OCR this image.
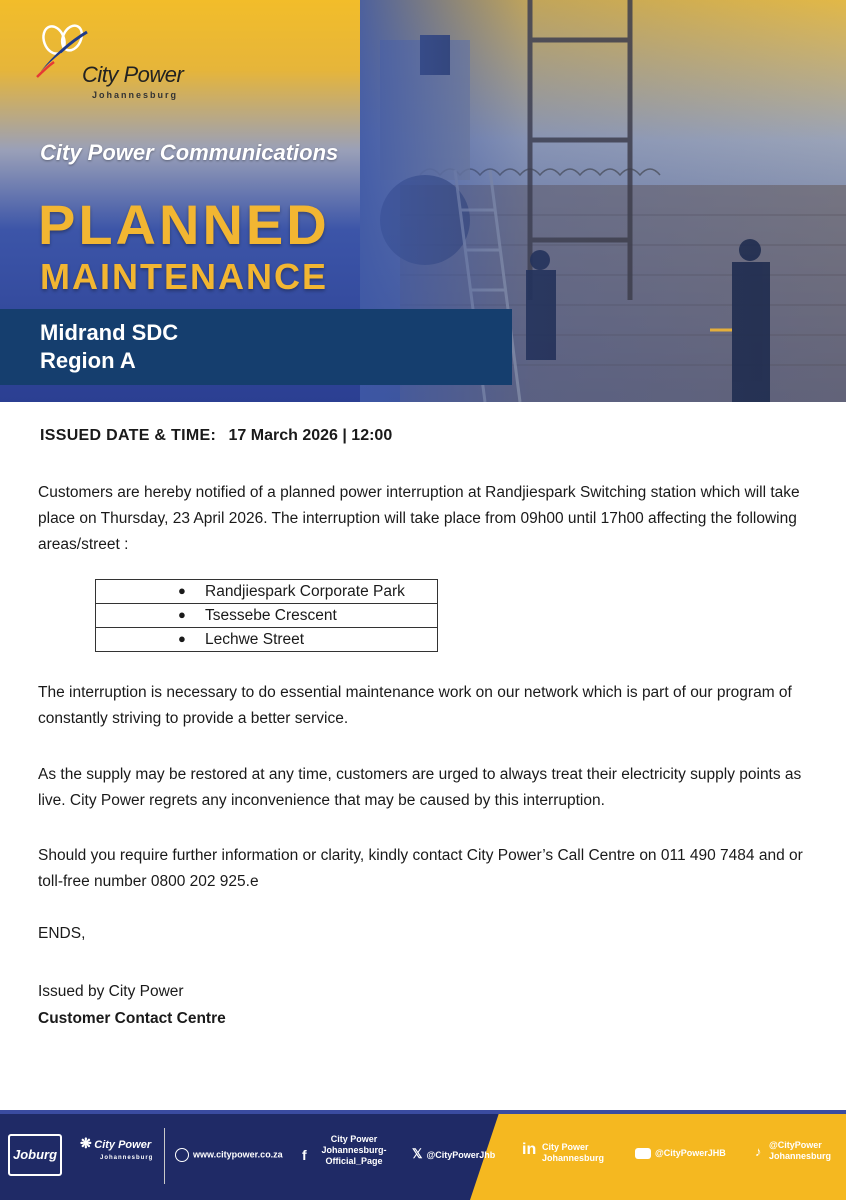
City Power
Johannesburg
City Power Communications
PLANNED
MAINTENANCE
Midrand SDC
Region A
ISSUED DATE & TIME: 17 March 2026 | 12:00

Customers are hereby notified of a planned power interruption at Randjiespark Switching station which will take place on Thursday, 23 April 2026. The interruption will take place from 09h00 until 17h00 affecting the following areas/street :

● Randjiespark Corporate Park

● Tsessebe Crescent

● Lechwe Street

The interruption is necessary to do essential maintenance work on our network which is part of our program of constantly striving to provide a better service.

As the supply may be restored at any time, customers are urged to always treat their electricity supply points as live. City Power regrets any inconvenience that may be caused by this interruption.

Should you require further information or clarity, kindly contact City Power’s Call Centre on 011 490 7484 and or toll-free number 0800 202 925.e

ENDS,
Issued by City Power
Customer Contact Centre
Joburg
❋ City Power
Johannesburg	www.citypower.co.za f
City Power Johannesburg- Official_Page	𝕏 @CityPowerJhb in City Power Johannesburg	@CityPowerJHB ♪ @CityPower Johannesburg
